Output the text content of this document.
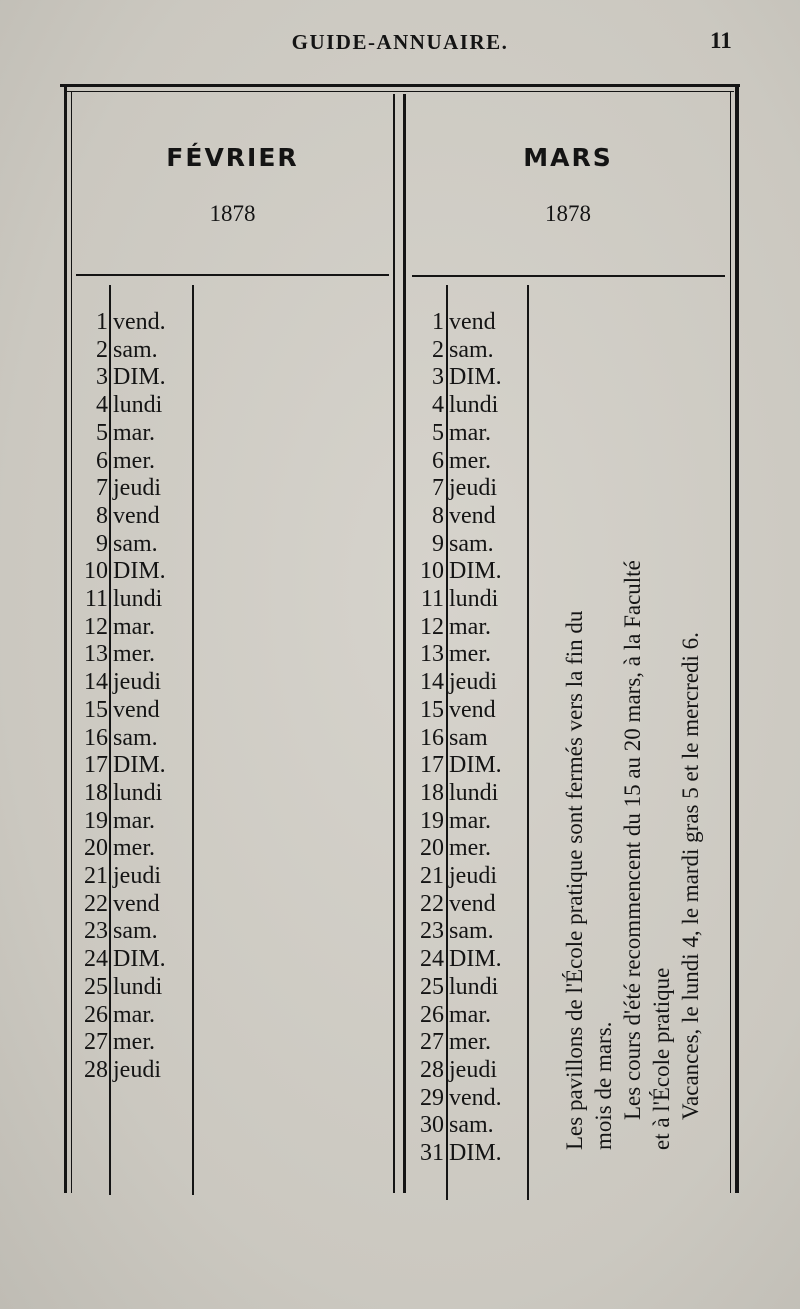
GUIDE-ANNUAIRE.	11
FÉVRIER
1878
MARS
1878
1 vend.
2 sam.
3 DIM.
4 lundi
5 mar.
6 mer.
7 jeudi
8 vend
9 sam.
10 DIM.
11 lundi
12 mar.
13 mer.
14 jeudi
15 vend
16 sam.
17 DIM.
18 lundi
19 mar.
20 mer.
21 jeudi
22 vend
23 sam.
24 DIM.
25 lundi
26 mar.
27 mer.
28 jeudi
1 vend
2 sam.
3 DIM.
4 lundi
5 mar.
6 mer.
7 jeudi
8 vend
9 sam.
10 DIM.
11 lundi
12 mar.
13 mer.
14 jeudi
15 vend
16 sam
17 DIM.
18 lundi
19 mar.
20 mer.
21 jeudi
22 vend
23 sam.
24 DIM.
25 lundi
26 mar.
27 mer.
28 jeudi
29 vend.
30 sam.
31 DIM.
Les pavillons de l'École pratique sont fermés vers la fin du mois de mars. Les cours d'été recommencent du 15 au 20 mars, à la Faculté et à l'École pratique Vacances, le lundi 4, le mardi gras 5 et le mercredi 6.
